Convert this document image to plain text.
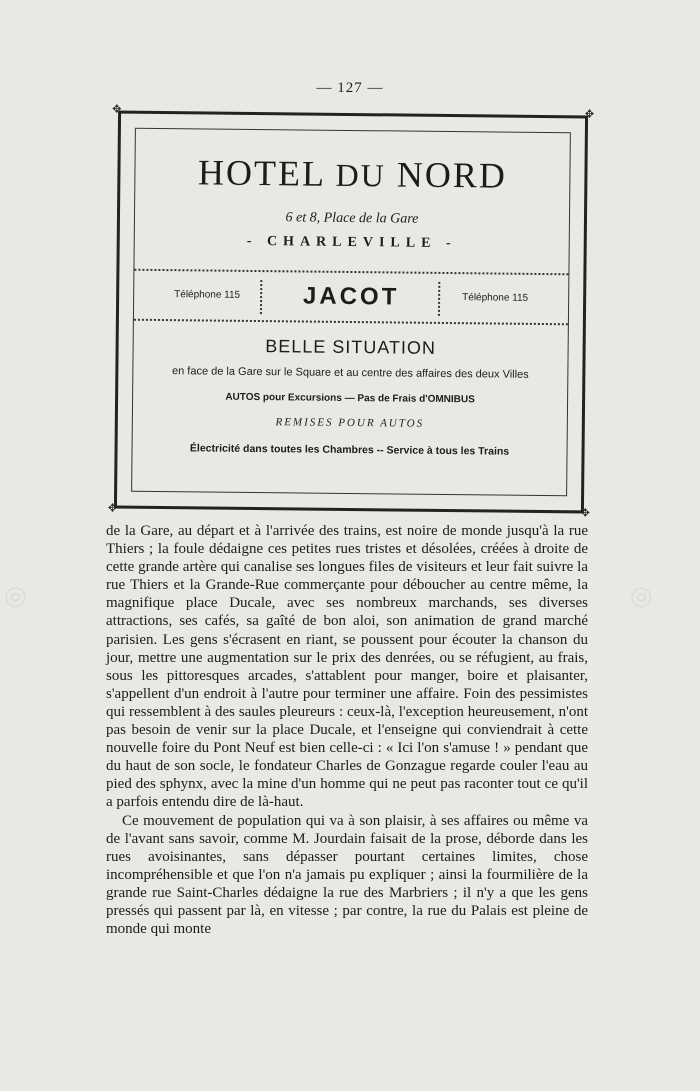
— 127 —
✥	✥
✥	✥
HOTEL DU NORD
6 et 8, Place de la Gare
- CHARLEVILLE -
Téléphone 115	JACOT	Téléphone 115
BELLE SITUATION
en face de la Gare sur le Square et au centre des affaires des deux Villes
AUTOS pour Excursions — Pas de Frais d'OMNIBUS
REMISES POUR AUTOS
Électricité dans toutes les Chambres -- Service à tous les Trains
◎	◎

de la Gare, au départ et à l'arrivée des trains, est noire de monde jusqu'à la rue Thiers ; la foule dédaigne ces petites rues tristes et désolées, créées à droite de cette grande artère qui canalise ses longues files de visiteurs et leur fait suivre la rue Thiers et la Grande-Rue commerçante pour déboucher au centre même, la magnifique place Ducale, avec ses nombreux marchands, ses diverses attractions, ses cafés, sa gaîté de bon aloi, son animation de grand marché parisien. Les gens s'écrasent en riant, se poussent pour écouter la chanson du jour, mettre une augmentation sur le prix des denrées, ou se réfugient, au frais, sous les pittoresques arcades, s'attablent pour manger, boire et plaisanter, s'appellent d'un endroit à l'autre pour terminer une affaire. Foin des pessimistes qui ressemblent à des saules pleureurs : ceux-là, l'exception heureusement, n'ont pas besoin de venir sur la place Ducale, et l'enseigne qui conviendrait à cette nouvelle foire du Pont Neuf est bien celle-ci : « Ici l'on s'amuse ! » pendant que du haut de son socle, le fondateur Charles de Gonzague regarde couler l'eau au pied des sphynx, avec la mine d'un homme qui ne peut pas raconter tout ce qu'il a parfois entendu dire de là-haut.

Ce mouvement de population qui va à son plaisir, à ses affaires ou même va de l'avant sans savoir, comme M. Jourdain faisait de la prose, déborde dans les rues avoisinantes, sans dépasser pourtant certaines limites, chose incompréhensible et que l'on n'a jamais pu expliquer ; ainsi la fourmilière de la grande rue Saint-Charles dédaigne la rue des Marbriers ; il n'y a que les gens pressés qui passent par là, en vitesse ; par contre, la rue du Palais est pleine de monde qui monte
